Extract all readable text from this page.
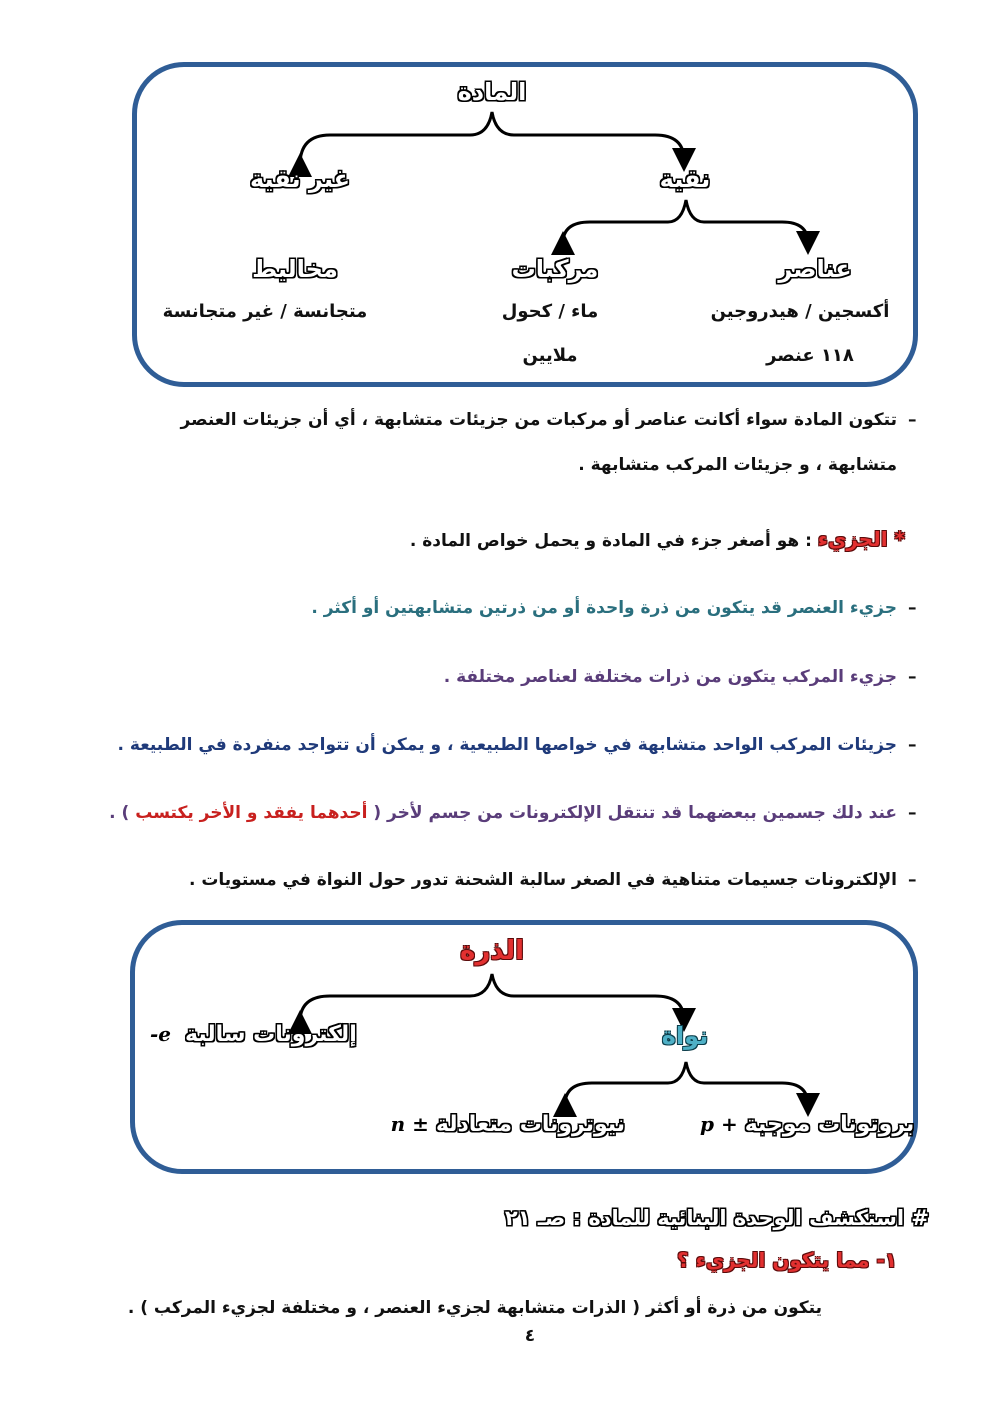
المادة
نقية
غير نقية
عناصر
مركبات
مخاليط
أكسجين / هيدروجين
١١٨ عنصر
ماء / كحول
ملايين
متجانسة / غير متجانسة
–
تتكون المادة سواء أكانت عناصر أو مركبات من جزيئات متشابهة ، أي أن جزيئات العنصر
متشابهة ، و جزيئات المركب متشابهة .
* الجزيء : هو أصغر جزء في المادة و يحمل خواص المادة .
–
جزيء العنصر قد يتكون من ذرة واحدة أو من ذرتين متشابهتين أو أكثر .
–
جزيء المركب يتكون من ذرات مختلفة لعناصر مختلفة .
–
جزيئات المركب الواحد متشابهة في خواصها الطبيعية ، و يمكن أن تتواجد منفردة في الطبيعة .
–
عند دلك جسمين ببعضهما قد تنتقل الإلكترونات من جسم لأخر ( أحدهما يفقد و الأخر يكتسب ) .
–
الإلكترونات جسيمات متناهية في الصغر سالبة الشحنة تدور حول النواة في مستويات .
الذرة
نواة
-e إلكترونات سالبة
p + بروتونات موجبة
n ± نيوترونات متعادلة
# استكشف الوحدة البنائية للمادة : صـ ٢١
١- مما يتكون الجزيء ؟
يتكون من ذرة أو أكثر ( الذرات متشابهة لجزيء العنصر ، و مختلفة لجزيء المركب ) .
٤
